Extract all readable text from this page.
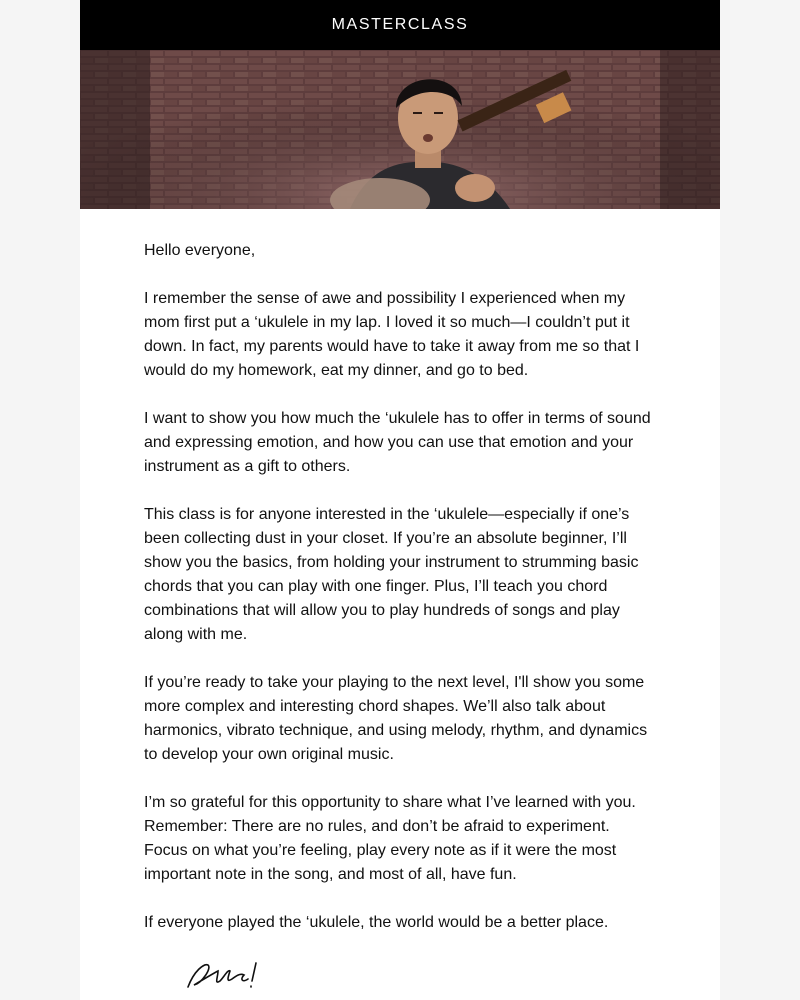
MASTERCLASS

Hello everyone,

I remember the sense of awe and possibility I experienced when my mom first put a ‘ukulele in my lap. I loved it so much—I couldn’t put it down. In fact, my parents would have to take it away from me so that I would do my homework, eat my dinner, and go to bed.

I want to show you how much the ‘ukulele has to offer in terms of sound and expressing emotion, and how you can use that emotion and your instrument as a gift to others.

This class is for anyone interested in the ‘ukulele—especially if one’s been collecting dust in your closet. If you’re an absolute beginner, I’ll show you the basics, from holding your instrument to strumming basic chords that you can play with one finger. Plus, I’ll teach you chord combinations that will allow you to play hundreds of songs and play along with me.

If you’re ready to take your playing to the next level, I'll show you some more complex and interesting chord shapes. We’ll also talk about harmonics, vibrato technique, and using melody, rhythm, and dynamics to develop your own original music.

I’m so grateful for this opportunity to share what I’ve learned with you. Remember: There are no rules, and don’t be afraid to experiment. Focus on what you’re feeling, play every note as if it were the most important note in the song, and most of all, have fun.

If everyone played the ‘ukulele, the world would be a better place.
